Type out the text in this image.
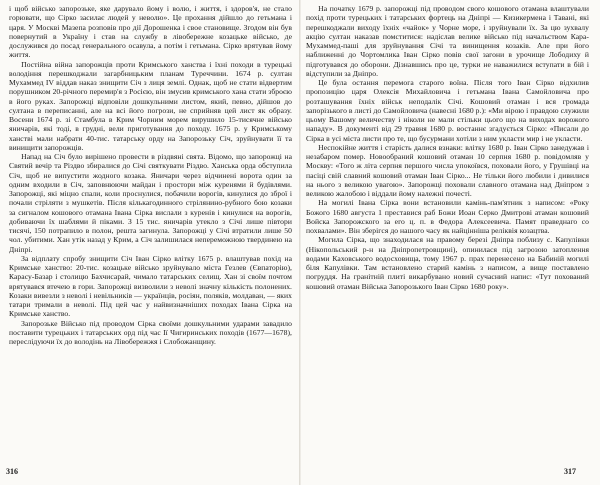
і щоб військо запорозьке, яке дарувало йому і волю, і життя, і здоров'я, не стало горювати, що Сірко засилає людей у неволю». Це прохання дійшло до гетьмана і царя. У Москві Мазепа розповів про дії Дорошенка і свое становище. Згодом він був повернутий в Україну і став на службу в лівобережне козацьке військо, де дослужився до посад генерального осавула, а потім і гетьмана. Сірко врятував йому життя.

Постійна війна запорожців проти Кримського ханства і їхні походи в турецькі володіння перешкоджали загарбницьким планам Туреччини. 1674 р. султан Мухаммед IV віддав наказ знищити Січ з лиця землі. Однак, щоб не стати відвертим порушником 20-річного перемир'я з Росією, він змусив кримського хана стати зброєю в його руках. Запорожці відповіли дошкульними листом, який, певно, дійшов до султана в переписанні, але на всі його погрози, не сприйняв цей лист як образу. Восени 1674 р. зі Стамбула в Крим Чорним морем вирушило 15-тисячне військо яничарів, які тоді, в грудні, вели приготування до походу. 1675 р. у Кримському ханстві мали набрати 40-тис. татарську орду на Запорозьку Січ, зруйнувати її та винищити запорожців.

Напад на Січ було вирішено провести в різдвяні свята. Відомо, що запорожці на Святий вечір та Різдво збиралися до Січі святкувати Різдво. Ханська орда обступила Січ, щоб не випустити жодного козака. Яничари через відчинені ворота один за одним входили в Січ, заповнюючи майдан і простори між куренями й будівлями. Запорожці, які міцно спали, коли проснулися, побачили ворогів, кинулися до зброї і почали стріляти з мушкетів. Після кількагодинного стрілянино-рубного бою козаки за сигналом кошового отамана Івана Сірка вислали з куренів і кинулися на ворогів, добиваючи їх шаблями й піками. З 15 тис. яничарів утекло з Січі лише півтори тисячі, 150 потрапило в полон, решта загинула. Запорожці у Січі втратили лише 50 чол. убитими. Хан утік назад у Крим, а Січ залишилася непереможною твердинею на Дніпрі.

За відплату спробу знищити Січ Іван Сірко влітку 1675 р. влаштував похід на Кримське ханство: 20-тис. козацьке військо зруйнувало міста Гезлев (Євпаторію), Карасу-Базар і столицю Бахчисарай, чимало татарських селищ. Хан зі своїм почтом врятувався втечею в гори. Запорожці визволили з неволі значну кількість полонених. Козаки вивезли з неволі і невільників — українців, росіян, поляків, молдаван, — яких татари тримали в неволі. Під цей час у найвизначніших походах Івана Сірка на Кримське ханство.

Запорозьке Військо під проводом Сірка своїми дошкульними ударами завадило поставити турецьких і татарських орд під час Ії Чигиринських походів (1677—1678), переслідуючи їх до володінь на Лівобережжя і Слобожанщину.

На початку 1679 р. запорожці під проводом свого кошового отамана влаштували похід проти турецьких і татарських фортець на Дніпрі — Кизикермена і Тавані, які перешкоджали виходу їхніх «чайок» у Чорне море, і зруйнували їх. За цю зухвалу акцію султан наказав помститися: надіслав велике військо під начальством Кара-Мухаммед-паші для зруйнування Січі та винищення козаків. Але при його наближенні до Чортомлика Іван Сірко повів свої загони в урочище Лободиху й підготувався до оборони. Дізнавшись про це, турки не наважилися вступати в бій і відступили за Дніпро.

Це була остання перемога старого воїна. Після того Іван Сірко відхилив пропозицію царя Олексія Михайловича і гетьмана Івана Самойловича про розташування їхніх військ неподалік Січі. Кошовий отаман і вся громада запорізького в листі до Самойловича (навесні 1680 р.): «Ми вірою і правдою служили цьому Вашому величеству і ніколи не мали стільки цього що на виходах ворожого нападу». В документі від 29 травня 1680 р. востаннє згадується Сірко: «Писали до Сірка в усі міста листи про те, що бусурмани хотіли з ним укласти мир і не укласти.

Неспокійне життя і старість далися взнаки: влітку 1680 р. Іван Сірко занедужав і незабаром помер. Новообраний кошовий отаман 10 серпня 1680 р. повідомляв у Москву: «Того ж літа серпня першого числа упокоївся, поховали його, у Грушівці на пасіці свій славний кошовий отаман Іван Сірко... Не тільки його любили і дивилися на нього з великою увагою». Запорожці поховали славного отамана над Дніпром з великою жалобою і віддали йому належні почесті.

На могилі Івана Сірка вони встановили камінь-пам'ятник з написом: «Року Божого 1680 августа 1 преставися раб Божи Иоан Серко Дмитрові атаман кошовий Войска Запорожского за его ц. п. в Федора Алексеевича. Памят праведнаго со похвалами». Він зберігся до нашого часу як найцінніша реліквія козацтва.

Могила Сірка, що знаходилася на правому березі Дніпра поблизу с. Капулівки (Нікопольський р-н на Дніпропетровщині), опинилася під загрозою затоплення водами Каховського водосховища, тому 1967 р. прах перенесено на Бабиній могилі біля Капулівки. Там встановлено старий камінь з написом, а вище поставлено погруддя. На гранітній плиті викарбувано новий сучасний напис: «Тут похований кошовий отаман Війська Запорозького Іван Сірко 1680 року».

316	317
